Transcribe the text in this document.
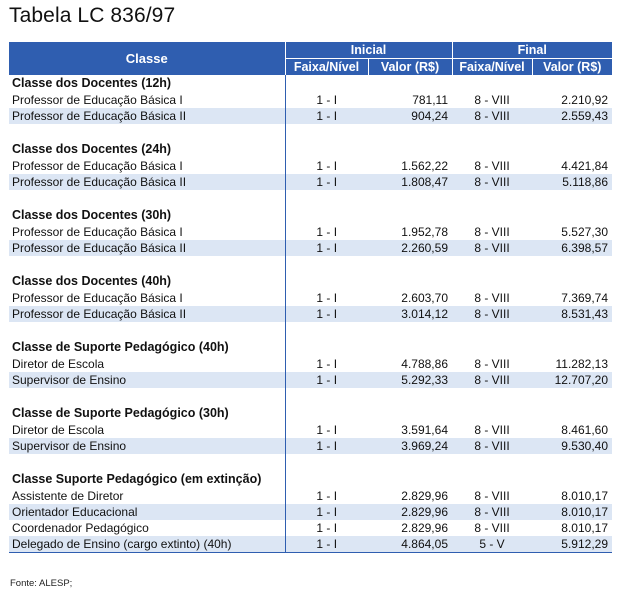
Tabela LC 836/97
Classe	Inicial		Final	
	Faixa/Nível	Valor (R$)	Faixa/Nível	Valor (R$)
Classe dos Docentes (12h)				
Professor de Educação Básica I	1 - I	781,11	8 - VIII	2.210,92
Professor de Educação Básica II	1 - I	904,24	8 - VIII	2.559,43

Classe dos Docentes (24h)				
Professor de Educação Básica I	1 - I	1.562,22	8 - VIII	4.421,84
Professor de Educação Básica II	1 - I	1.808,47	8 - VIII	5.118,86

Classe dos Docentes (30h)				
Professor de Educação Básica I	1 - I	1.952,78	8 - VIII	5.527,30
Professor de Educação Básica II	1 - I	2.260,59	8 - VIII	6.398,57

Classe dos Docentes (40h)				
Professor de Educação Básica I	1 - I	2.603,70	8 - VIII	7.369,74
Professor de Educação Básica II	1 - I	3.014,12	8 - VIII	8.531,43

Classe de Suporte Pedagógico (40h)				
Diretor de Escola	1 - I	4.788,86	8 - VIII	11.282,13
Supervisor de Ensino	1 - I	5.292,33	8 - VIII	12.707,20

Classe de Suporte Pedagógico (30h)				
Diretor de Escola	1 - I	3.591,64	8 - VIII	8.461,60
Supervisor de Ensino	1 - I	3.969,24	8 - VIII	9.530,40

Classe Suporte Pedagógico (em extinção)				
Assistente de Diretor	1 - I	2.829,96	8 - VIII	8.010,17
Orientador Educacional	1 - I	2.829,96	8 - VIII	8.010,17
Coordenador Pedagógico	1 - I	2.829,96	8 - VIII	8.010,17
Delegado de Ensino (cargo extinto) (40h)	1 - I	4.864,05	5 - V	5.912,29
Fonte: ALESP;
